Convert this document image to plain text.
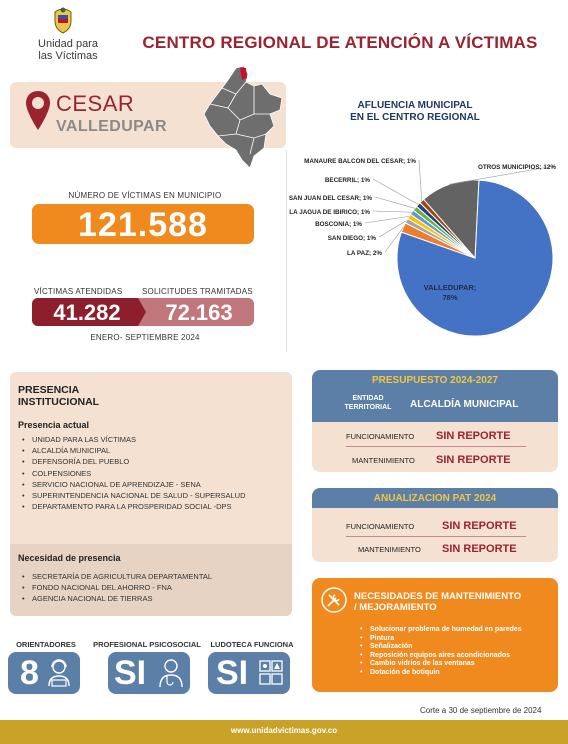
Unidad para
las Víctimas
CENTRO REGIONAL DE ATENCIÓN A VÍCTIMAS
CESAR
VALLEDUPAR
NÚMERO DE VÍCTIMAS EN MUNICIPIO
121.588
VÍCTIMAS ATENDIDAS SOLICITUDES TRAMITADAS
41.282	72.163
ENERO- SEPTIEMBRE 2024
AFLUENCIA MUNICIPAL
EN EL CENTRO REGIONAL
VALLEDUPAR;
78%
LA PAZ; 2%
SAN DIEGO; 1%
BOSCONIA; 1%
LA JAGUA DE IBIRICO; 1%
SAN JUAN DEL CESAR; 1%
BECERRIL; 1%
MANAURE BALCON DEL CESAR; 1%
OTROS MUNICIPIOS; 12%
PRESENCIA
INSTITUCIONAL
Presencia actual
• UNIDAD PARA LAS VÍCTIMAS
• ALCALDÍA MUNICIPAL
• DEFENSORÍA DEL PUEBLO
• COLPENSIONES
• SERVICIO NACIONAL DE APRENDIZAJE - SENA
• SUPERINTENDENCIA NACIONAL DE SALUD - SUPERSALUD
• DEPARTAMENTO PARA LA PROSPERIDAD SOCIAL -DPS
Necesidad de presencia
• SECRETARÍA DE AGRICULTURA DEPARTAMENTAL
• FONDO NACIONAL DEL AHORRO - FNA
• AGENCIA NACIONAL DE TIERRAS
PRESUPUESTO 2024-2027
ENTIDAD
TERRITORIAL	ALCALDÍA MUNICIPAL
FUNCIONAMIENTO SIN REPORTE
MANTENIMIENTO SIN REPORTE
ANUALIZACION PAT 2024
FUNCIONAMIENTO	SIN REPORTE
MANTENIMIENTO SIN REPORTE
NECESIDADES DE MANTENIMIENTO
/ MEJORAMIENTO
• Solucionar problema de humedad en paredes
• Pintura
• Señalización
• Reposición equipos aires acondicionados
• Cambio vidrios de las ventanas
• Dotación de botiquin
ORIENTADORES
8
PROFESIONAL PSICOSOCIAL
SI
LUDOTECA FUNCIONA
SI
Corte a 30 de septiembre de 2024
www.unidadvictimas.gov.co
